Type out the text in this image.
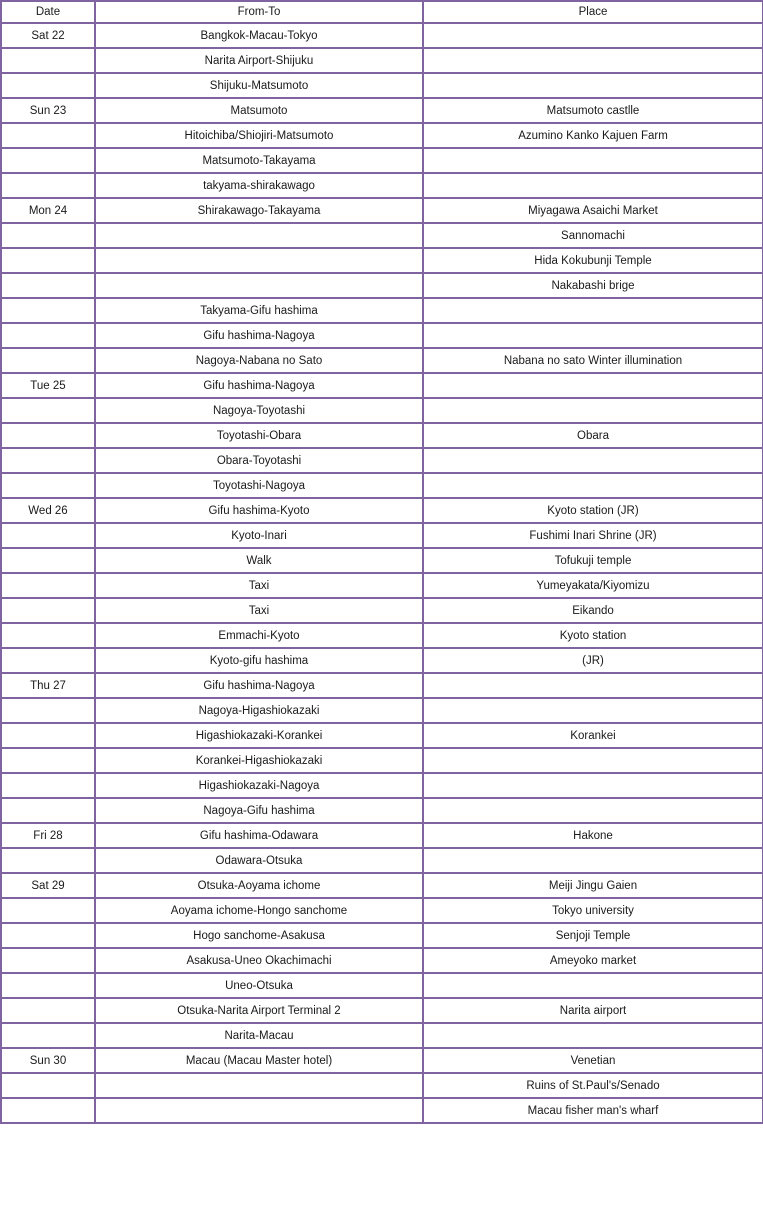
Date	From-To	Place
Sat 22	Bangkok-Macau-Tokyo	
	Narita Airport-Shijuku	
	Shijuku-Matsumoto	
Sun 23	Matsumoto	Matsumoto castlle
	Hitoichiba/Shiojiri-Matsumoto	Azumino Kanko Kajuen Farm
	Matsumoto-Takayama	
	takyama-shirakawago	
Mon 24	Shirakawago-Takayama	Miyagawa Asaichi Market
		Sannomachi
		Hida Kokubunji Temple
		Nakabashi brige
	Takyama-Gifu hashima	
	Gifu hashima-Nagoya	
	Nagoya-Nabana no Sato	Nabana no sato Winter illumination
Tue 25	Gifu hashima-Nagoya	
	Nagoya-Toyotashi	
	Toyotashi-Obara	Obara
	Obara-Toyotashi	
	Toyotashi-Nagoya	
Wed 26	Gifu hashima-Kyoto	Kyoto station (JR)
	Kyoto-Inari	Fushimi Inari Shrine (JR)
	Walk	Tofukuji temple
	Taxi	Yumeyakata/Kiyomizu
	Taxi	Eikando
	Emmachi-Kyoto	Kyoto station
	Kyoto-gifu hashima	(JR)
Thu 27	Gifu hashima-Nagoya	
	Nagoya-Higashiokazaki	
	Higashiokazaki-Korankei	Korankei
	Korankei-Higashiokazaki	
	Higashiokazaki-Nagoya	
	Nagoya-Gifu hashima	
Fri 28	Gifu hashima-Odawara	Hakone
	Odawara-Otsuka	
Sat 29	Otsuka-Aoyama ichome	Meiji Jingu Gaien
	Aoyama ichome-Hongo sanchome	Tokyo university
	Hogo sanchome-Asakusa	Senjoji Temple
	Asakusa-Uneo Okachimachi	Ameyoko market
	Uneo-Otsuka	
	Otsuka-Narita Airport Terminal 2	Narita airport
	Narita-Macau	
Sun 30	Macau (Macau Master hotel)	Venetian
		Ruins of St.Paul's/Senado
		Macau fisher man's wharf
